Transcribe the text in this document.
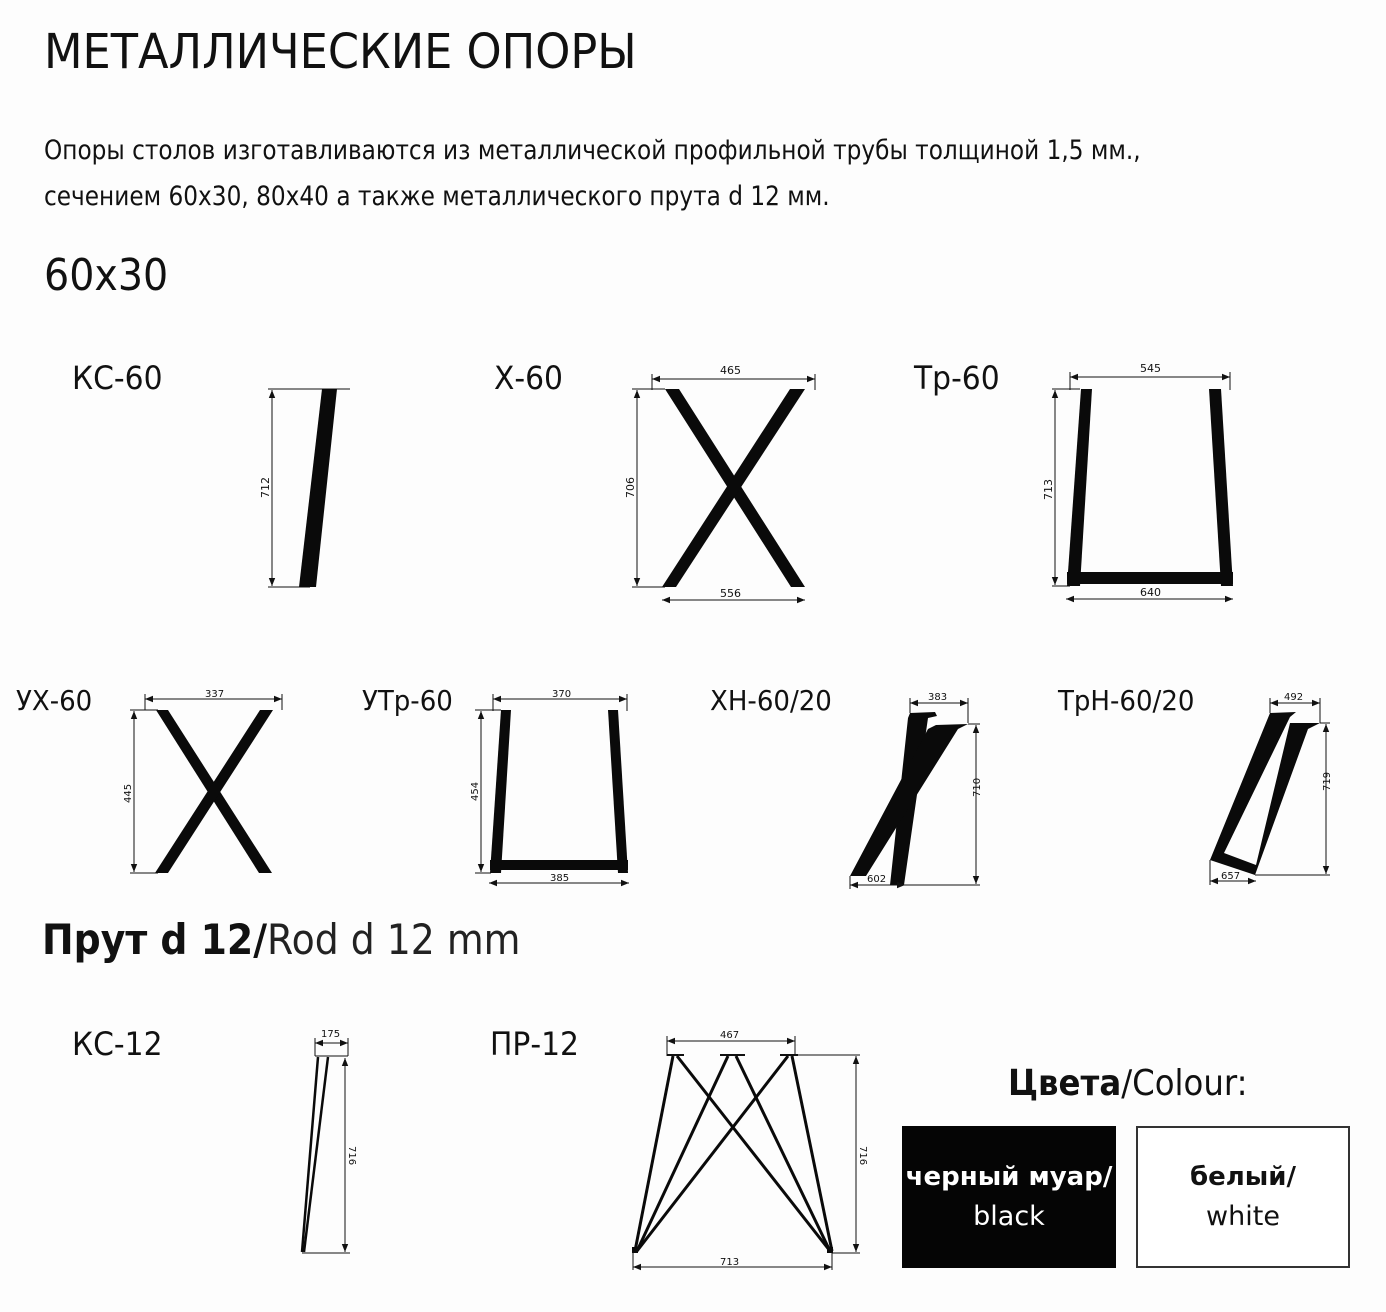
МЕТАЛЛИЧЕСКИЕ ОПОРЫ
Опоры столов изготавливаются из металлической профильной трубы толщиной 1,5 мм.,
сечением 60х30, 80х40 а также металлического прута d 12 мм.
60х30
КС-60
712
Х-60	465
706
556
Тр-60	545
713
640
УХ-60	337
445
УТр-60	370
454
385
ХН-60/20	383
710
602
ТрН-60/20	492
719
657
Прут d 12/Rod d 12 mm
КС-12	175
716
ПР-12	467
716
713
Цвета/Colour:
черный муар/
black
белый/
white
